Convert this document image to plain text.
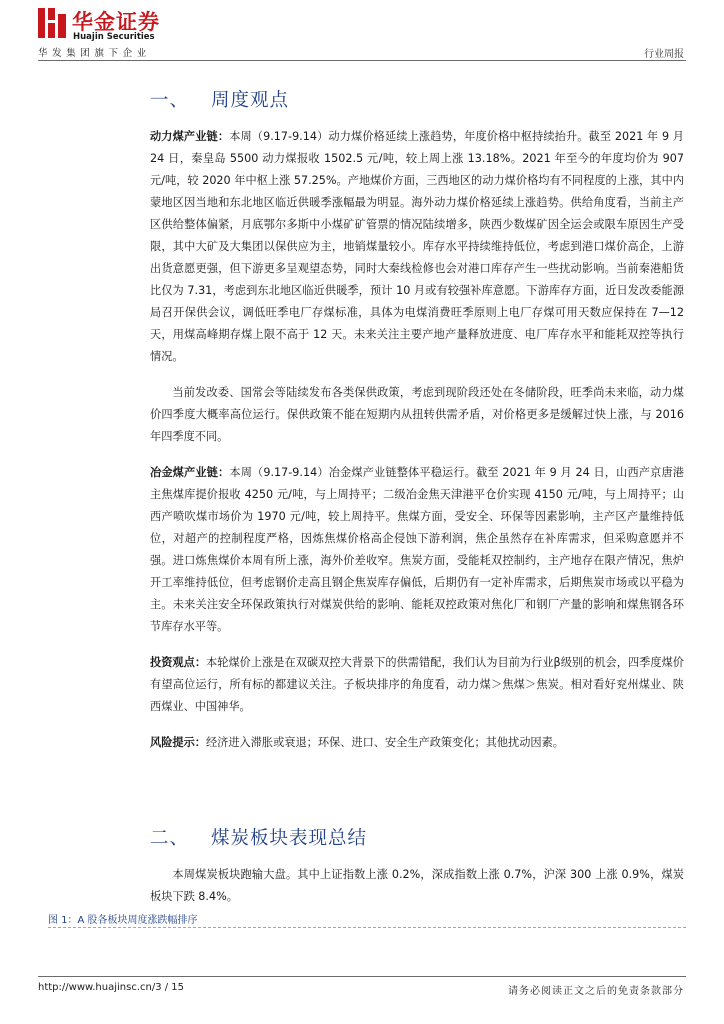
华金证券
Huajin Securities
华发集团旗下企业	行业周报
一、 周度观点

动力煤产业链：本周（9.17-9.14）动力煤价格延续上涨趋势，年度价格中枢持续抬升。截至 2021 年 9 月 24 日，秦皇岛 5500 动力煤报收 1502.5 元/吨，较上周上涨 13.18%。2021 年至今的年度均价为 907 元/吨，较 2020 年中枢上涨 57.25%。产地煤价方面，三西地区的动力煤价格均有不同程度的上涨，其中内蒙地区因当地和东北地区临近供暖季涨幅最为明显。海外动力煤价格延续上涨趋势。供给角度看，当前主产区供给整体偏紧，月底鄂尔多斯中小煤矿矿管票的情况陆续增多，陕西少数煤矿因全运会或限车原因生产受限，其中大矿及大集团以保供应为主，地销煤量较小。库存水平持续维持低位，考虑到港口煤价高企，上游出货意愿更强，但下游更多呈观望态势，同时大秦线检修也会对港口库存产生一些扰动影响。当前秦港船货比仅为 7.31，考虑到东北地区临近供暖季，预计 10 月或有较强补库意愿。下游库存方面，近日发改委能源局召开保供会议，调低旺季电厂存煤标准，具体为电煤消费旺季原则上电厂存煤可用天数应保持在 7—12 天，用煤高峰期存煤上限不高于 12 天。未来关注主要产地产量释放进度、电厂库存水平和能耗双控等执行情况。

当前发改委、国常会等陆续发布各类保供政策，考虑到现阶段还处在冬储阶段，旺季尚未来临，动力煤价四季度大概率高位运行。保供政策不能在短期内从扭转供需矛盾，对价格更多是缓解过快上涨，与 2016 年四季度不同。

冶金煤产业链：本周（9.17-9.14）冶金煤产业链整体平稳运行。截至 2021 年 9 月 24 日，山西产京唐港主焦煤库提价报收 4250 元/吨，与上周持平；二级冶金焦天津港平仓价实现 4150 元/吨，与上周持平；山西产喷吹煤市场价为 1970 元/吨，较上周持平。焦煤方面，受安全、环保等因素影响，主产区产量维持低位，对超产的控制程度严格，因炼焦煤价格高企侵蚀下游利润，焦企虽然存在补库需求，但采购意愿并不强。进口炼焦煤价本周有所上涨，海外价差收窄。焦炭方面，受能耗双控制约，主产地存在限产情况，焦炉开工率维持低位，但考虑钢价走高且钢企焦炭库存偏低，后期仍有一定补库需求，后期焦炭市场或以平稳为主。未来关注安全环保政策执行对煤炭供给的影响、能耗双控政策对焦化厂和钢厂产量的影响和煤焦钢各环节库存水平等。

投资观点：本轮煤价上涨是在双碳双控大背景下的供需错配，我们认为目前为行业β级别的机会，四季度煤价有望高位运行，所有标的都建议关注。子板块排序的角度看，动力煤＞焦煤＞焦炭。相对看好兖州煤业、陕西煤业、中国神华。

风险提示：经济进入滞胀或衰退；环保、进口、安全生产政策变化；其他扰动因素。

二、 煤炭板块表现总结

本周煤炭板块跑输大盘。其中上证指数上涨 0.2%，深成指数上涨 0.7%，沪深 300 上涨 0.9%，煤炭板块下跌 8.4%。

图 1：A 股各板块周度涨跌幅排序
http://www.huajinsc.cn/3 / 15	请务必阅读正文之后的免责条款部分
